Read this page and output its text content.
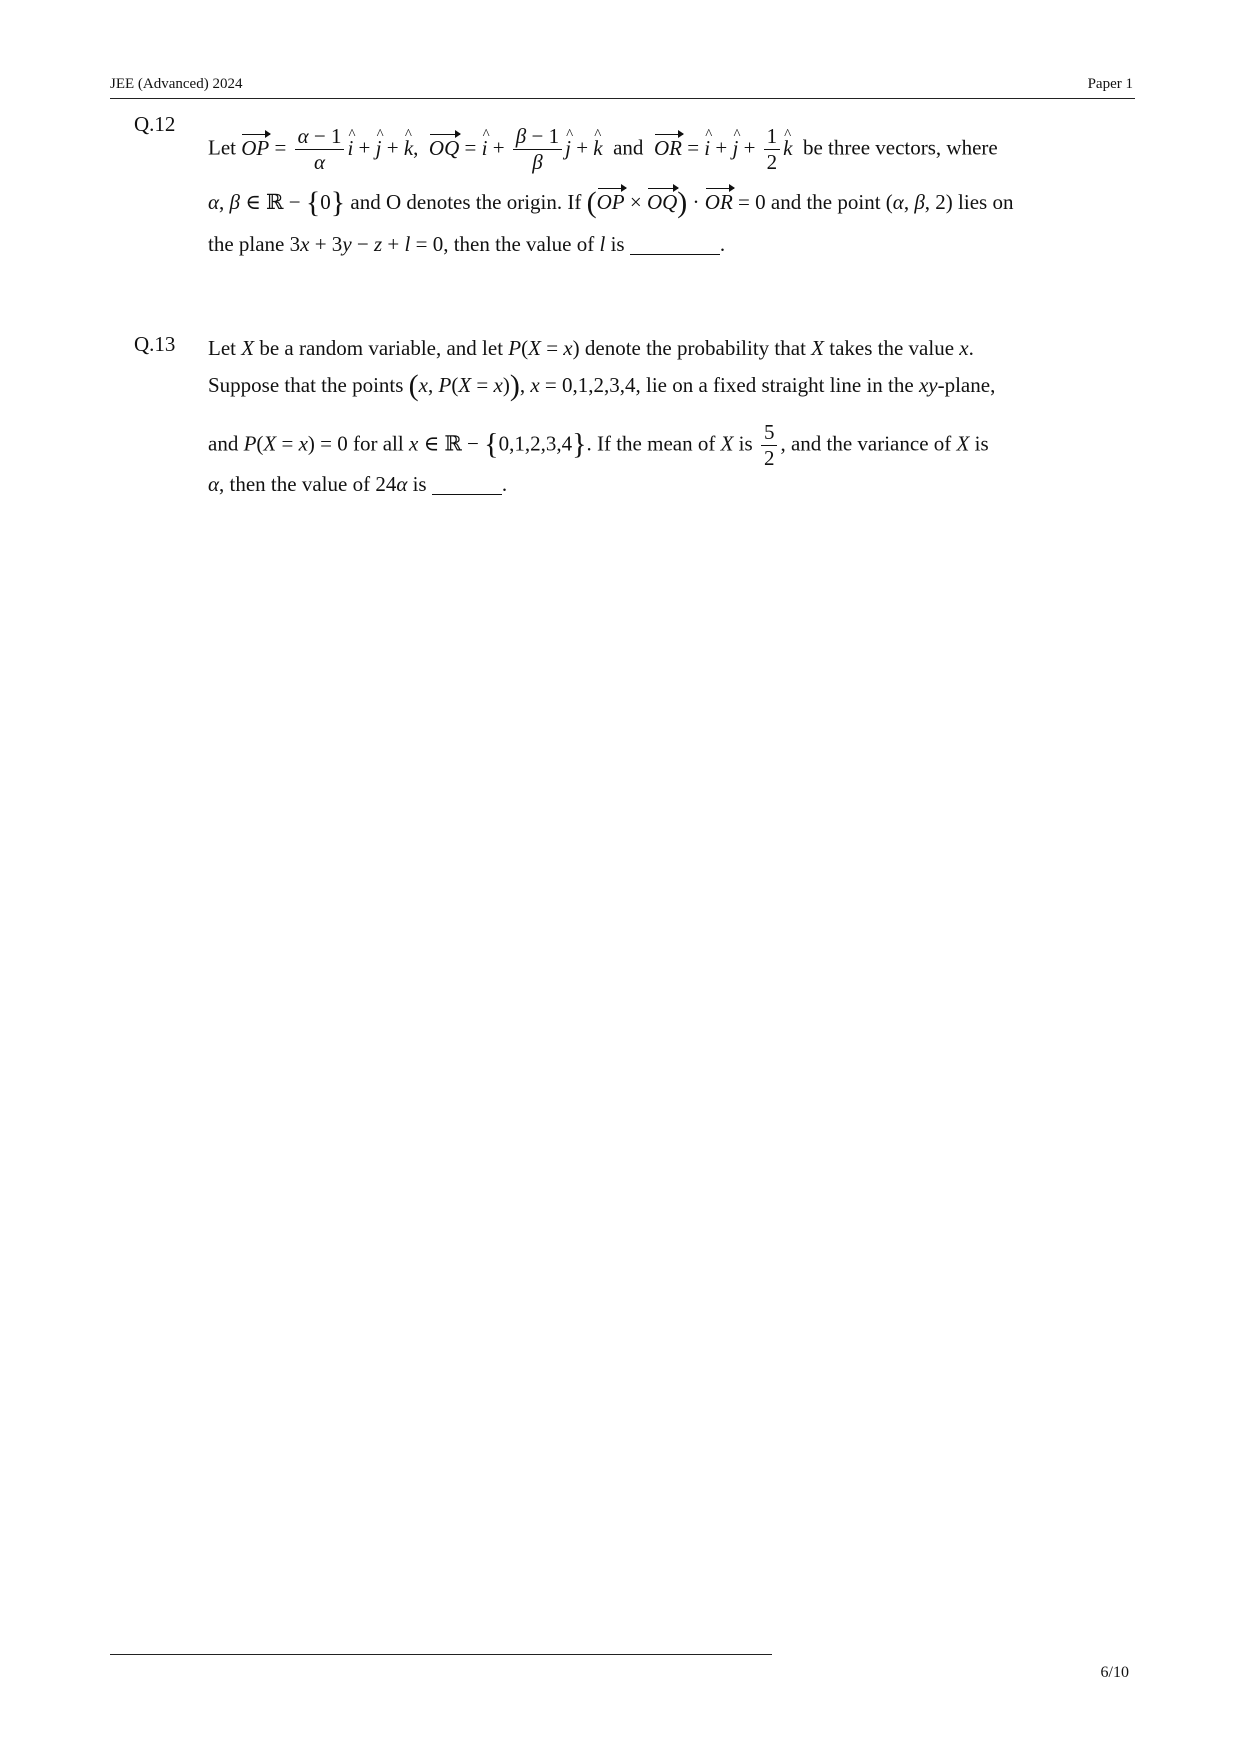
JEE (Advanced) 2024	Paper 1
Q.12
Let OP = $\frac{\alpha - 1}{\alpha}$ ^ i + ^ j + ^ k,  OQ = ^ $i + \frac{\beta - 1}{\beta}$ ^ j + ^ k and OR = ^ i + ^ $j + \frac{1}{2}$ ^ k be three vectors, where
α, β ∈ ℝ − {0} and O denotes the origin. If (OP × OQ) · OR = 0 and the point (α, β, 2) lies on
the plane 3x + 3y − z + l = 0, then the value of l is	.
Q.13 Let X be a random variable, and let P(X = x) denote the probability that X takes the value x.
Suppose that the points (x, P(X = x)), x = 0,1,2,3,4, lie on a fixed straight line in the xy-plane,
and P(X = x) = 0 for all x ∈ ℝ − {0,1,2,3,4}. If the mean of X is $\frac{5}{2}$ , and the variance of X is
α, then the value of 24α is	.
6/10
